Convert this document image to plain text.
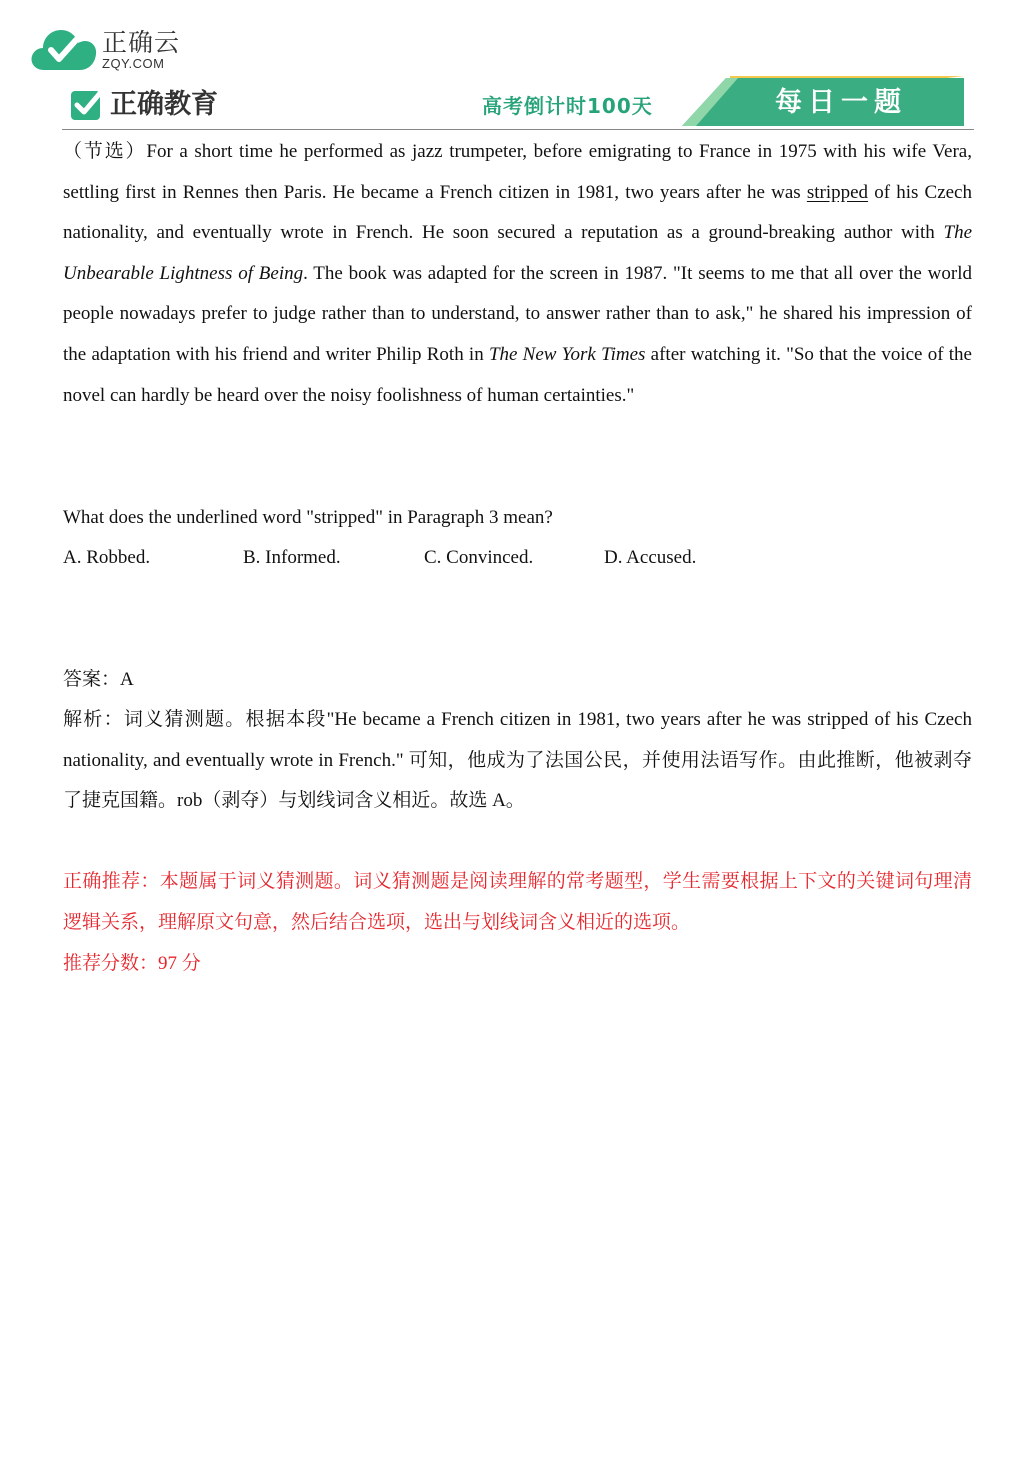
正确云
ZQY.COM
正确教育	高考倒计时100天	每日一题

（节选）For a short time he performed as jazz trumpeter, before emigrating to France in 1975 with his wife Vera, settling first in Rennes then Paris. He became a French citizen in 1981, two years after he was stripped of his Czech nationality, and eventually wrote in French. He soon secured a reputation as a ground-breaking author with The Unbearable Lightness of Being. The book was adapted for the screen in 1987. "It seems to me that all over the world people nowadays prefer to judge rather than to understand, to answer rather than to ask," he shared his impression of the adaptation with his friend and writer Philip Roth in The New York Times after watching it. "So that the voice of the novel can hardly be heard over the noisy foolishness of human certainties."

What does the underlined word "stripped" in Paragraph 3 mean?

A. Robbed.	B. Informed.	C. Convinced.	D. Accused.
答案：A

解析：词义猜测题。根据本段"He became a French citizen in 1981, two years after he was stripped of his Czech nationality, and eventually wrote in French." 可知，他成为了法国公民，并使用法语写作。由此推断，他被剥夺了捷克国籍。rob（剥夺）与划线词含义相近。故选 A。

正确推荐：本题属于词义猜测题。词义猜测题是阅读理解的常考题型，学生需要根据上下文的关键词句理清逻辑关系，理解原文句意，然后结合选项，选出与划线词含义相近的选项。

推荐分数：97 分
